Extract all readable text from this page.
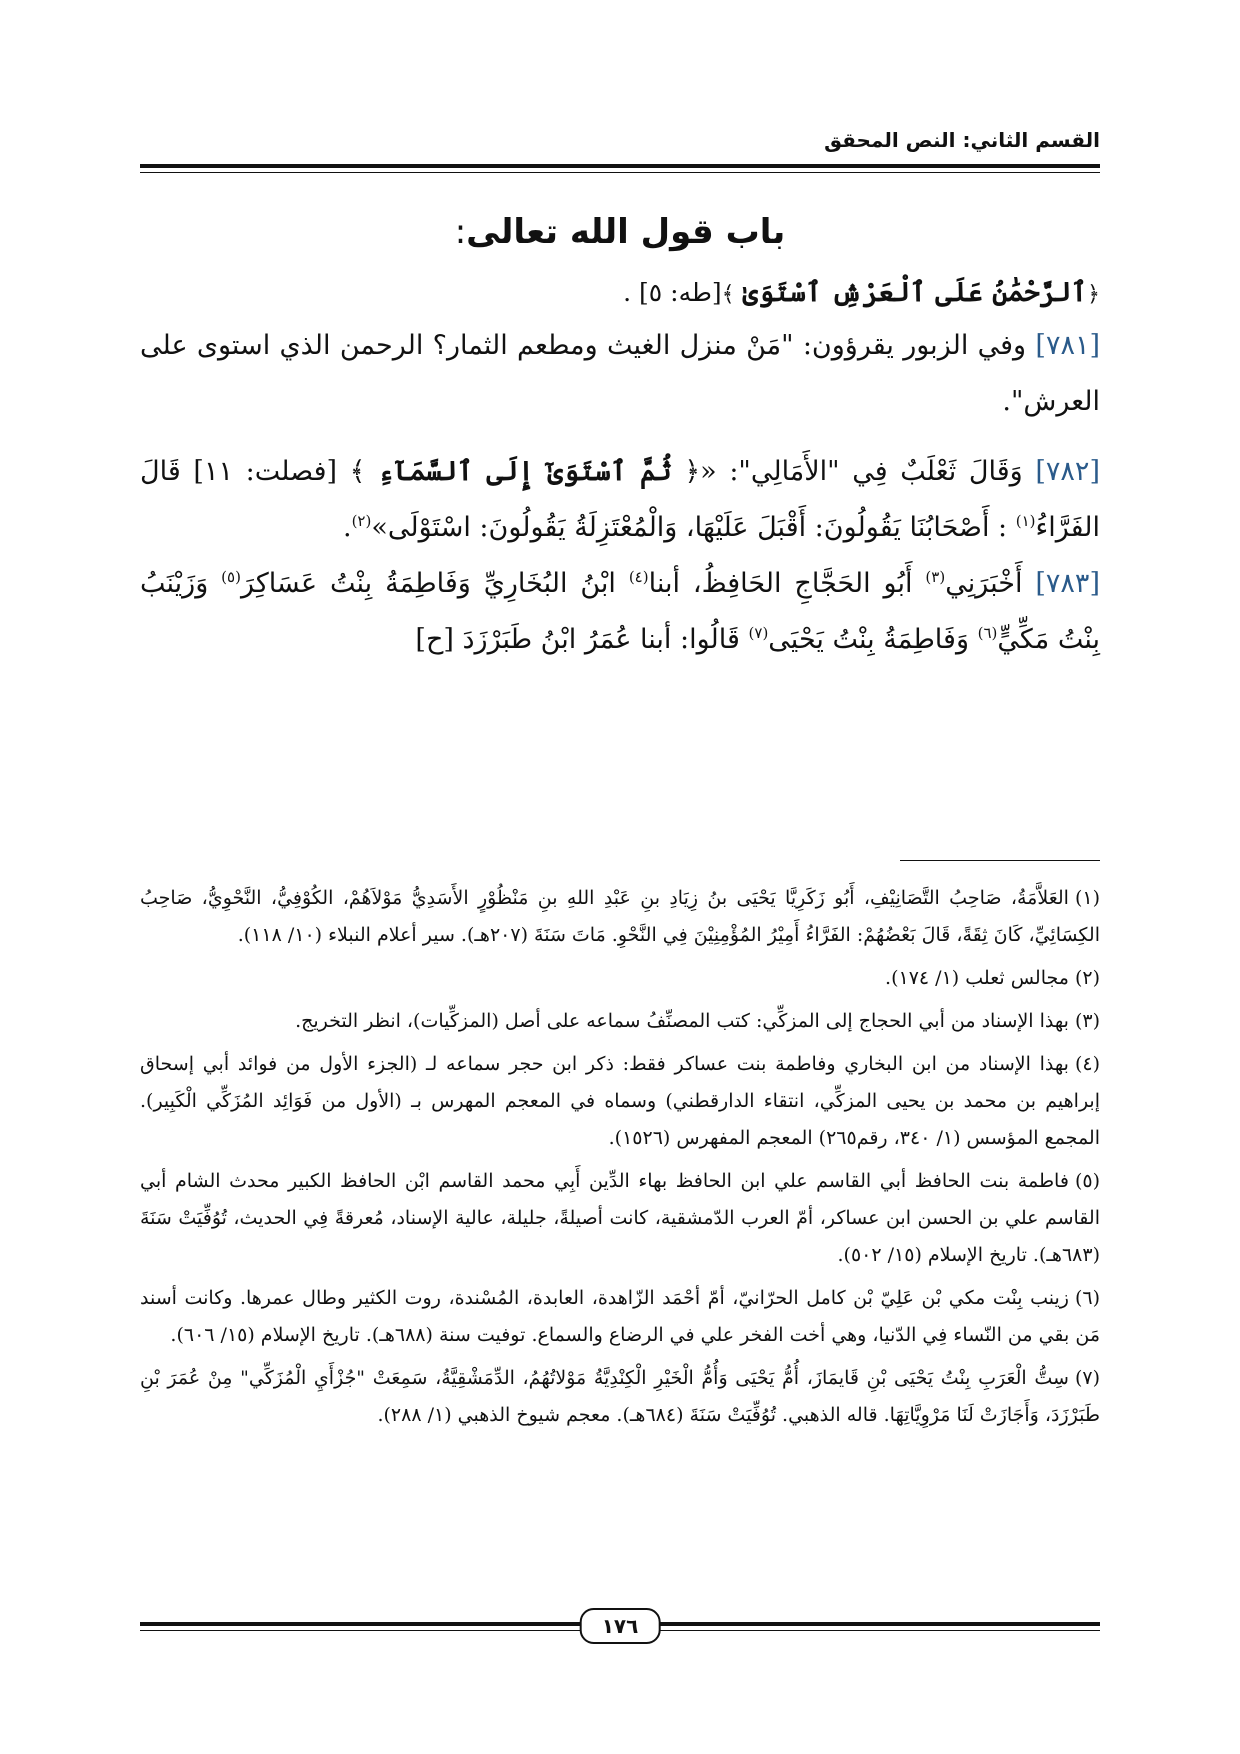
القسم الثاني: النص المحقق
باب قول الله تعالى:
﴿ٱلرَّحْمَٰنُ عَلَى ٱلْعَرْشِ ٱسْتَوَىٰ ﴾[طه: ٥] .

[٧٨١] وفي الزبور يقرؤون: "مَنْ منزل الغيث ومطعم الثمار؟ الرحمن الذي استوى على العرش".

[٧٨٢] وَقَالَ ثَعْلَبٌ فِي "الأَمَالِي": «﴿ ثُمَّ ٱسْتَوَىٰٓ إِلَى ٱلسَّمَآءِ ﴾ [فصلت: ١١] قَالَ الفَرَّاءُ$^{(١)}$ : أَصْحَابُنَا يَقُولُونَ: أَقْبَلَ عَلَيْهَا، وَالْمُعْتَزِلَةُ يَقُولُونَ: اسْتَوْلَى»$^{(٢)}$.

[٧٨٣] أَخْبَرَنِي$^{(٣)}$ أَبُو الحَجَّاجِ الحَافِظُ، أبنا$^{(٤)}$ ابْنُ البُخَارِيِّ وَفَاطِمَةُ بِنْتُ عَسَاكِرَ$^{(٥)}$ وَزَيْنَبُ بِنْتُ مَكِّيٍّ$^{(٦)}$ وَفَاطِمَةُ بِنْتُ يَحْيَى$^{(٧)}$ قَالُوا: أبنا عُمَرُ ابْنُ طَبَرْزَدَ [ح]

(١)العَلاَّمَةُ، صَاحِبُ التَّصَانِيْفِ، أَبُو زَكَرِيَّا يَحْيَى بنُ زِيَادِ بنِ عَبْدِ اللهِ بنِ مَنْظُوْرٍ الأَسَدِيُّ مَوْلاَهُمْ، الكُوْفِيُّ، النَّحْوِيُّ، صَاحِبُ الكِسَائِيِّ، كَانَ ثِقَةً، قَالَ بَعْضُهُمْ: الفَرَّاءُ أَمِيْرُ المُؤْمِنِيْنَ فِي النَّحْوِ. مَاتَ سَنَةَ (٢٠٧هـ). سير أعلام النبلاء (١٠/ ١١٨).

(٢)مجالس ثعلب (١/ ١٧٤).

(٣)بهذا الإسناد من أبي الحجاج إلى المزكِّي: كتب المصنِّفُ سماعه على أصل (المزكِّيات)، انظر التخريج.

(٤)بهذا الإسناد من ابن البخاري وفاطمة بنت عساكر فقط: ذكر ابن حجر سماعه لـ (الجزء الأول من فوائد أبي إسحاق إبراهيم بن محمد بن يحيى المزكِّي، انتقاء الدارقطني) وسماه في المعجم المهرس بـ (الأول من فَوَائِد المُزَكِّي الْكَبِير). المجمع المؤسس (١/ ٣٤٠، رقم٢٦٥) المعجم المفهرس (١٥٢٦).

(٥)فاطمة بنت الحافظ أبي القاسم علي ابن الحافظ بهاء الدِّين أَبِي محمد القاسم ابْن الحافظ الكبير محدث الشام أبي القاسم علي بن الحسن ابن عساكر، أمّ العرب الدّمشقية، كانت أصيلةً، جليلة، عالية الإسناد، مُعرقةً فِي الحديث، تُوُفِّيَتْ سَنَةَ (٦٨٣هـ). تاريخ الإسلام (١٥/ ٥٠٢).

(٦)زينب بِنْت مكي بْن عَلِيّ بْن كامل الحرّانيّ، أمّ أحْمَد الزّاهدة، العابدة، المُسْندة، روت الكثير وطال عمرها. وكانت أسند مَن بقي من النّساء فِي الدّنيا، وهي أخت الفخر علي في الرضاع والسماع. توفيت سنة (٦٨٨هـ). تاريخ الإسلام (١٥/ ٦٠٦).

(٧)سِتُّ الْعَرَبِ بِنْتُ يَحْيَى بْنِ قَايمَازَ، أُمُّ يَحْيَى وَأُمُّ الْخَيْرِ الْكِنْدِيَّةُ مَوْلاتُهُمُ، الدِّمَشْقِيَّةُ، سَمِعَتْ "جُزْأَيِ الْمُزَكِّي" مِنْ عُمَرَ بْنِ طَبَرْزَدَ، وَأَجَازَتْ لَنَا مَرْوِيَّاتِهَا. قاله الذهبي. تُوُفِّيَتْ سَنَةَ (٦٨٤هـ). معجم شيوخ الذهبي (١/ ٢٨٨).

١٧٦
